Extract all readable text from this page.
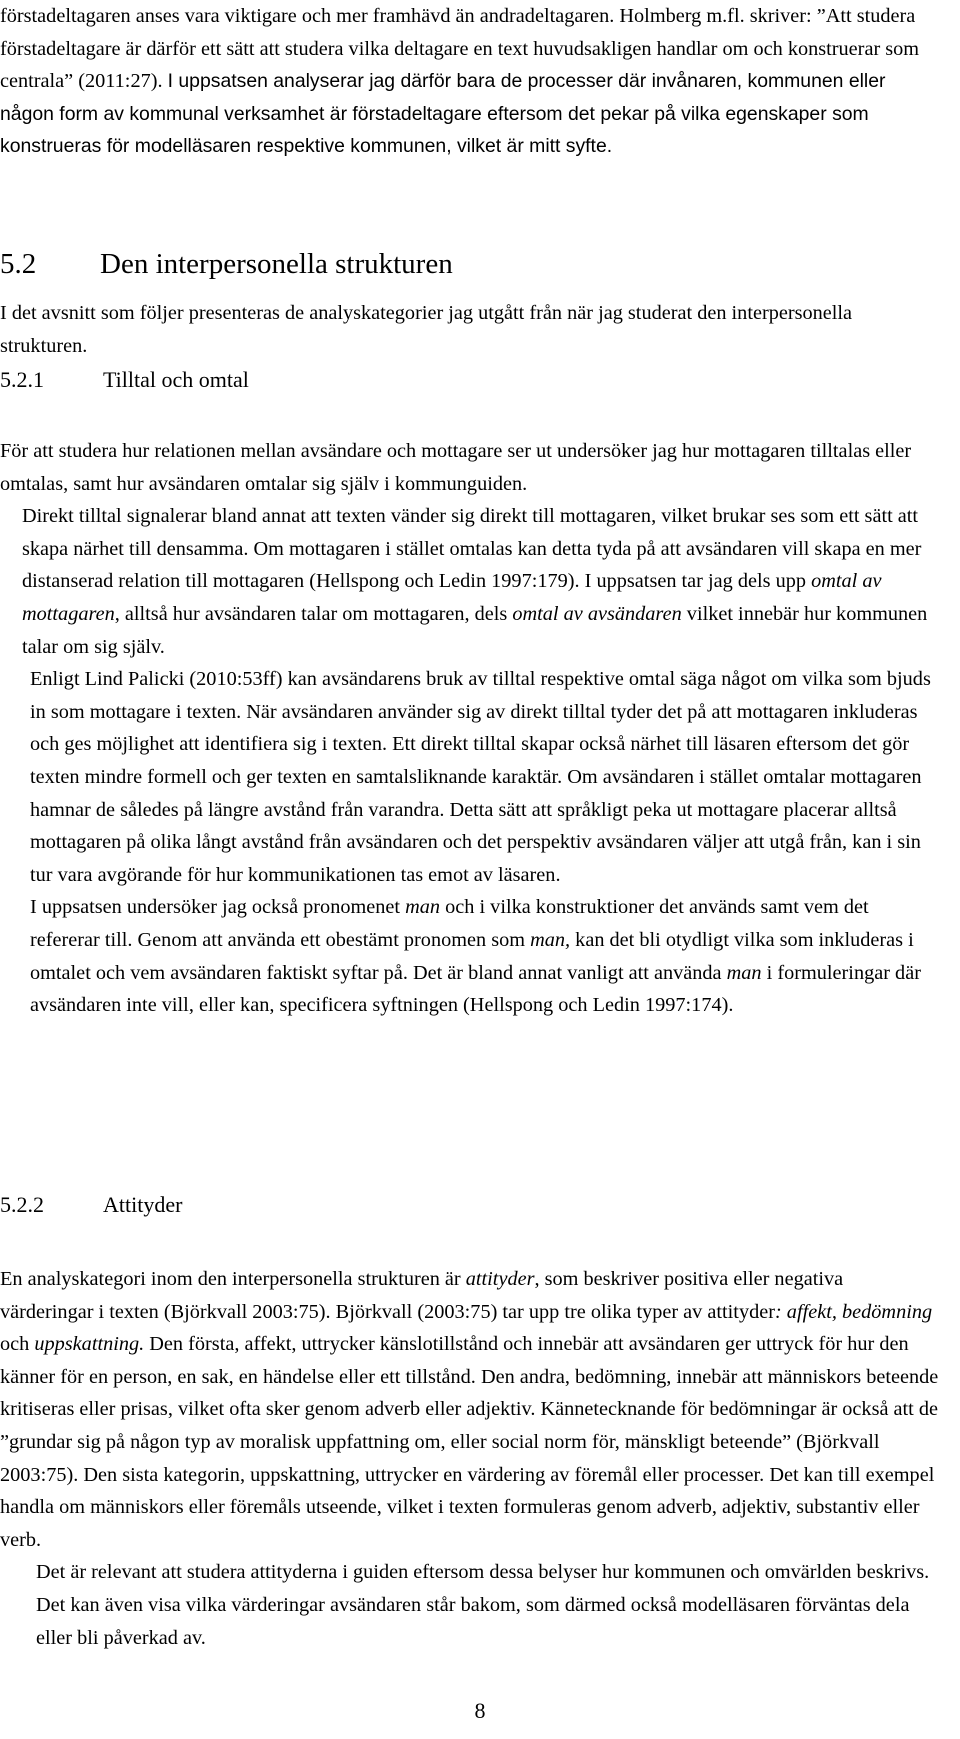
förstadeltagaren anses vara viktigare och mer framhävd än andradeltagaren. Holmberg m.fl. skriver: ”Att studera förstadeltagare är därför ett sätt att studera vilka deltagare en text huvudsakligen handlar om och konstruerar som centrala” (2011:27). I uppsatsen analyserar jag därför bara de processer där invånaren, kommunen eller någon form av kommunal verksamhet är förstadeltagare eftersom det pekar på vilka egenskaper som konstrueras för modelläsaren respektive kommunen, vilket är mitt syfte.

5.2 Den interpersonella strukturen

I det avsnitt som följer presenteras de analyskategorier jag utgått från när jag studerat den interpersonella strukturen.

5.2.1	Tilltal och omtal
För att studera hur relationen mellan avsändare och mottagare ser ut undersöker jag hur mottagaren tilltalas eller omtalas, samt hur avsändaren omtalar sig själv i kommunguiden.
Direkt tilltal signalerar bland annat att texten vänder sig direkt till mottagaren, vilket brukar ses som ett sätt att skapa närhet till densamma. Om mottagaren i stället omtalas kan detta tyda på att avsändaren vill skapa en mer distanserad relation till mottagaren (Hellspong och Ledin 1997:179). I uppsatsen tar jag dels upp omtal av mottagaren, alltså hur avsändaren talar om mottagaren, dels omtal av avsändaren vilket innebär hur kommunen talar om sig själv.
Enligt Lind Palicki (2010:53ff) kan avsändarens bruk av tilltal respektive omtal säga något om vilka som bjuds in som mottagare i texten. När avsändaren använder sig av direkt tilltal tyder det på att mottagaren inkluderas och ges möjlighet att identifiera sig i texten. Ett direkt tilltal skapar också närhet till läsaren eftersom det gör texten mindre formell och ger texten en samtalsliknande karaktär. Om avsändaren i stället omtalar mottagaren hamnar de således på längre avstånd från varandra. Detta sätt att språkligt peka ut mottagare placerar alltså mottagaren på olika långt avstånd från avsändaren och det perspektiv avsändaren väljer att utgå från, kan i sin tur vara avgörande för hur kommunikationen tas emot av läsaren.
I uppsatsen undersöker jag också pronomenet man och i vilka konstruktioner det används samt vem det refererar till. Genom att använda ett obestämt pronomen som man, kan det bli otydligt vilka som inkluderas i omtalet och vem avsändaren faktiskt syftar på. Det är bland annat vanligt att använda man i formuleringar där avsändaren inte vill, eller kan, specificera syftningen (Hellspong och Ledin 1997:174).
5.2.2	Attityder
En analyskategori inom den interpersonella strukturen är attityder, som beskriver positiva eller negativa värderingar i texten (Björkvall 2003:75). Björkvall (2003:75) tar upp tre olika typer av attityder: affekt, bedömning och uppskattning. Den första, affekt, uttrycker känslotillstånd och innebär att avsändaren ger uttryck för hur den känner för en person, en sak, en händelse eller ett tillstånd. Den andra, bedömning, innebär att människors beteende kritiseras eller prisas, vilket ofta sker genom adverb eller adjektiv. Kännetecknande för bedömningar är också att de ”grundar sig på någon typ av moralisk uppfattning om, eller social norm för, mänskligt beteende” (Björkvall 2003:75). Den sista kategorin, uppskattning, uttrycker en värdering av föremål eller processer. Det kan till exempel handla om människors eller föremåls utseende, vilket i texten formuleras genom adverb, adjektiv, substantiv eller verb.
Det är relevant att studera attityderna i guiden eftersom dessa belyser hur kommunen och omvärlden beskrivs. Det kan även visa vilka värderingar avsändaren står bakom, som därmed också modelläsaren förväntas dela eller bli påverkad av.
8
